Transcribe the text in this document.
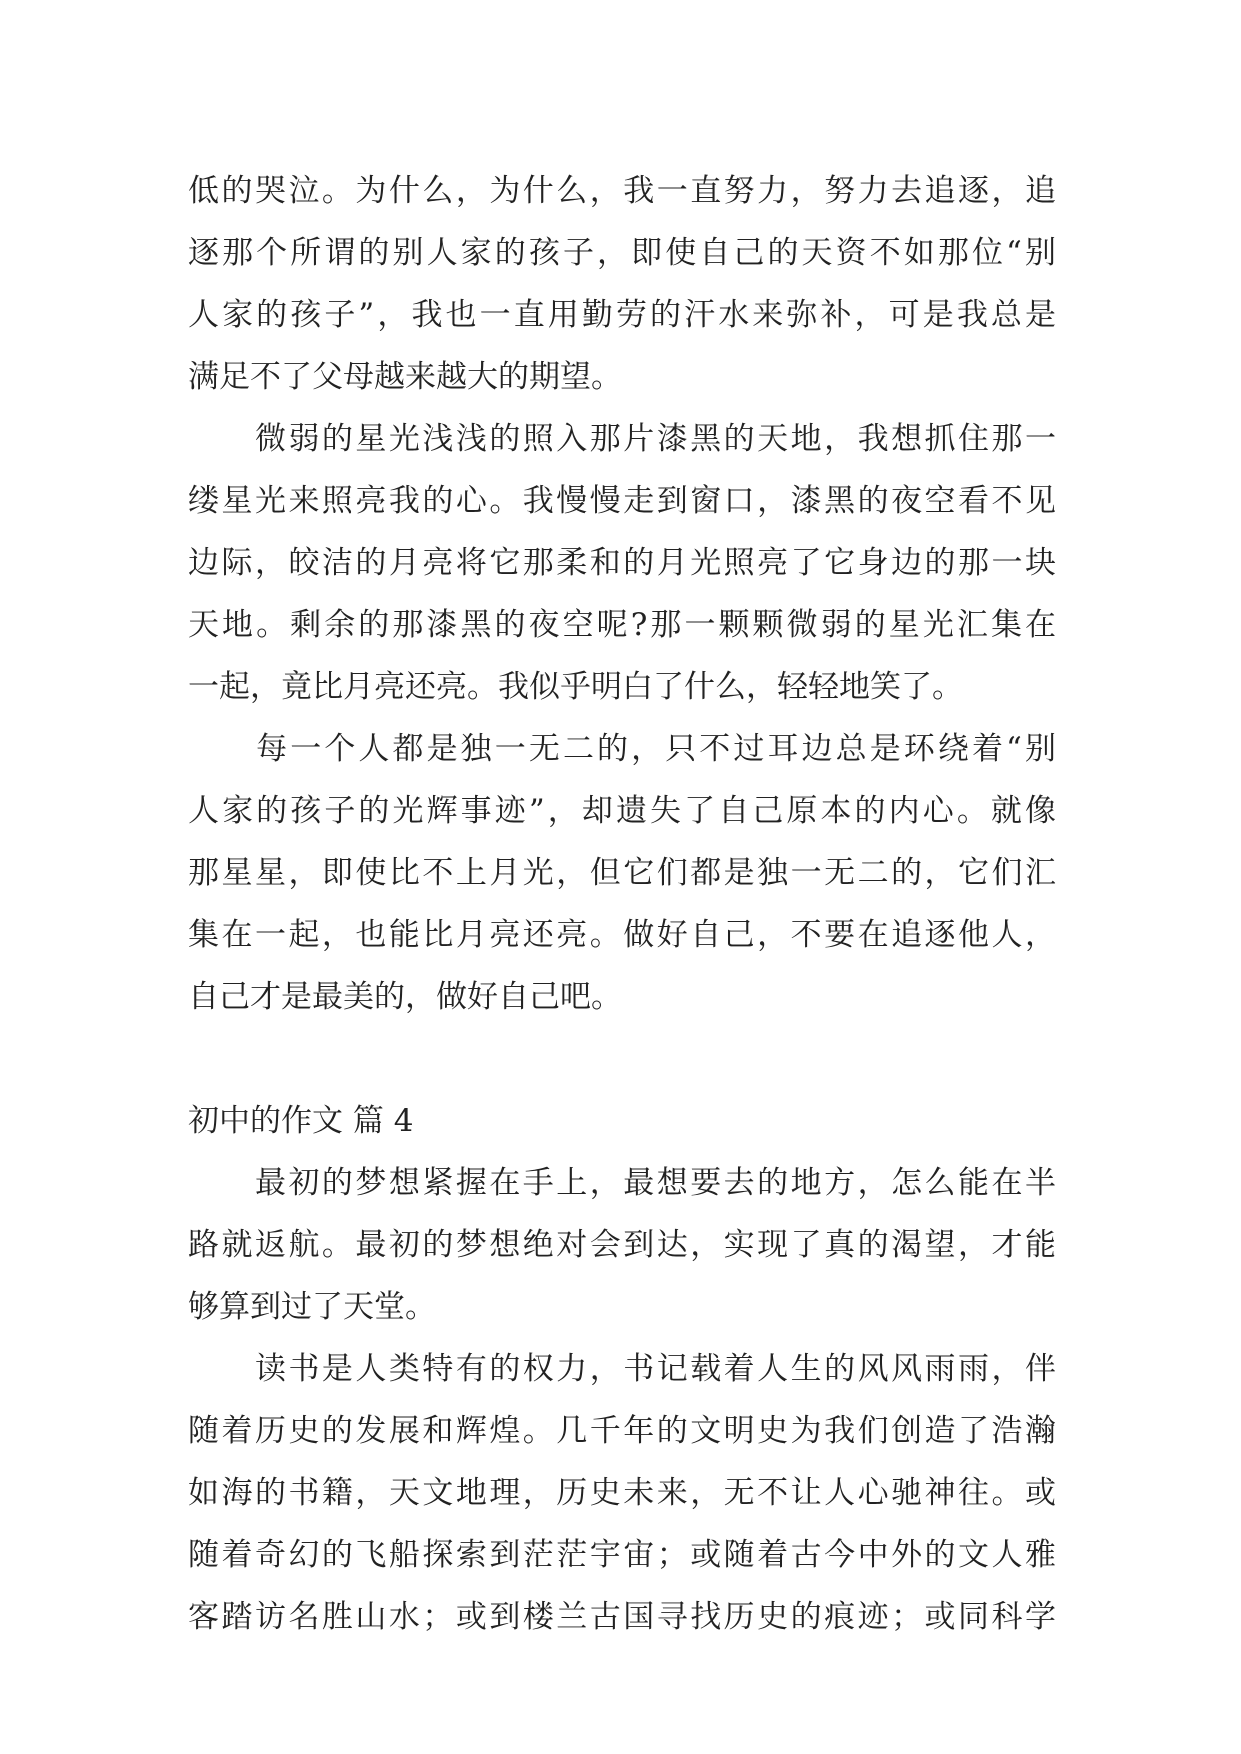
低的哭泣。为什么，为什么，我一直努力，努力去追逐，追
逐那个所谓的别人家的孩子，即使自己的天资不如那位“别
人家的孩子”，我也一直用勤劳的汗水来弥补，可是我总是
满足不了父母越来越大的期望。
　　微弱的星光浅浅的照入那片漆黑的天地，我想抓住那一
缕星光来照亮我的心。我慢慢走到窗口，漆黑的夜空看不见
边际，皎洁的月亮将它那柔和的月光照亮了它身边的那一块
天地。剩余的那漆黑的夜空呢?那一颗颗微弱的星光汇集在
一起，竟比月亮还亮。我似乎明白了什么，轻轻地笑了。
　　每一个人都是独一无二的，只不过耳边总是环绕着“别
人家的孩子的光辉事迹”，却遗失了自己原本的内心。就像
那星星，即使比不上月光，但它们都是独一无二的，它们汇
集在一起，也能比月亮还亮。做好自己，不要在追逐他人，
自己才是最美的，做好自己吧。
初中的作文 篇 4
　　最初的梦想紧握在手上，最想要去的地方，怎么能在半
路就返航。最初的梦想绝对会到达，实现了真的渴望，才能
够算到过了天堂。
　　读书是人类特有的权力，书记载着人生的风风雨雨，伴
随着历史的发展和辉煌。几千年的文明史为我们创造了浩瀚
如海的书籍，天文地理，历史未来，无不让人心驰神往。或
随着奇幻的飞船探索到茫茫宇宙；或随着古今中外的文人雅
客踏访名胜山水；或到楼兰古国寻找历史的痕迹；或同科学
